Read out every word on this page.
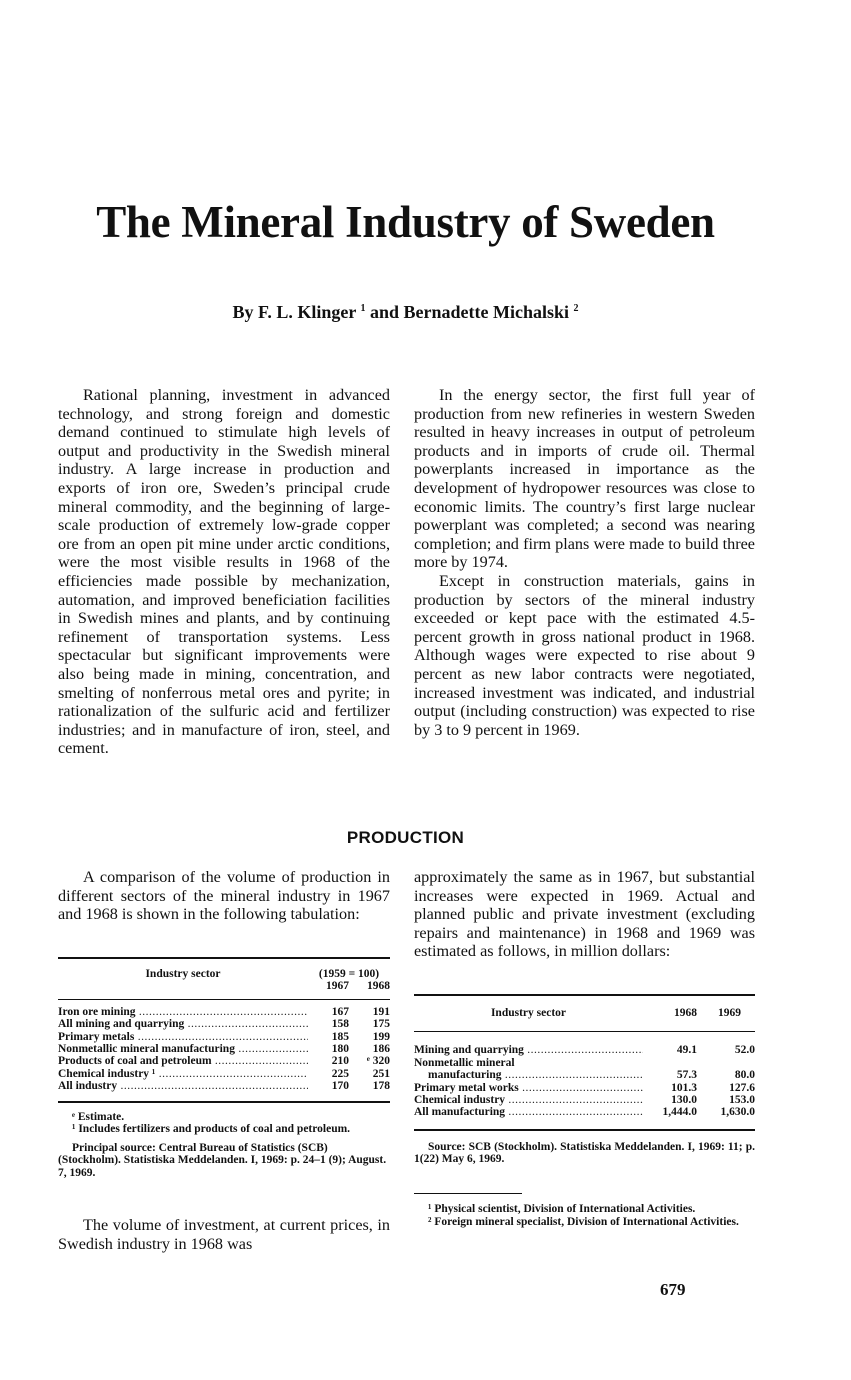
The Mineral Industry of Sweden
By F. L. Klinger $^1$ and Bernadette Michalski $^2$

Rational planning, investment in advanced technology, and strong foreign and domestic demand continued to stimulate high levels of output and productivity in the Swedish mineral industry. A large increase in production and exports of iron ore, Sweden’s principal crude mineral commodity, and the beginning of large-scale production of extremely low-grade copper ore from an open pit mine under arctic conditions, were the most visible results in 1968 of the efficiencies made possible by mechanization, automation, and improved beneficiation facilities in Swedish mines and plants, and by continuing refinement of transportation systems. Less spectacular but significant improvements were also being made in mining, concentration, and smelting of nonferrous metal ores and pyrite; in rationalization of the sulfuric acid and fertilizer industries; and in manufacture of iron, steel, and cement.

In the energy sector, the first full year of production from new refineries in western Sweden resulted in heavy increases in output of petroleum products and in imports of crude oil. Thermal powerplants increased in importance as the development of hydropower resources was close to economic limits. The country’s first large nuclear powerplant was completed; a second was nearing completion; and firm plans were made to build three more by 1974.

Except in construction materials, gains in production by sectors of the mineral industry exceeded or kept pace with the estimated 4.5-percent growth in gross national product in 1968. Although wages were expected to rise about 9 percent as new labor contracts were negotiated, increased investment was indicated, and industrial output (including construction) was expected to rise by 3 to 9 percent in 1969.

PRODUCTION

A comparison of the volume of production in different sectors of the mineral industry in 1967 and 1968 is shown in the following tabulation:

Industry sector	(1959 = 100)	
	1967	1968

Iron ore mining .....	167	191
All mining and quarrying .....	158	175
Primary metals .....	185	199
Nonmetallic mineral manufacturing .....	180	186
Products of coal and petroleum .....	210	ᵉ 320
Chemical industry ¹ .....	225	251
All industry .....	170	178

ᵉ Estimate.

¹ Includes fertilizers and products of coal and petroleum.

Principal source: Central Bureau of Statistics (SCB) (Stockholm). Statistiska Meddelanden. I, 1969: p. 24–1 (9); August. 7, 1969.

The volume of investment, at current prices, in Swedish industry in 1968 was

approximately the same as in 1967, but substantial increases were expected in 1969. Actual and planned public and private investment (excluding repairs and maintenance) in 1968 and 1969 was estimated as follows, in million dollars:

Industry sector	1968	1969

Mining and quarrying .....	49.1	52.0
Nonmetallic mineral		
manufacturing .....	57.3	80.0
Primary metal works .....	101.3	127.6
Chemical industry .....	130.0	153.0
All manufacturing .....	1,444.0	1,630.0

Source: SCB (Stockholm). Statistiska Meddelanden. I, 1969: 11; p. 1(22) May 6, 1969.

¹ Physical scientist, Division of International Activities.

² Foreign mineral specialist, Division of International Activities.

679
